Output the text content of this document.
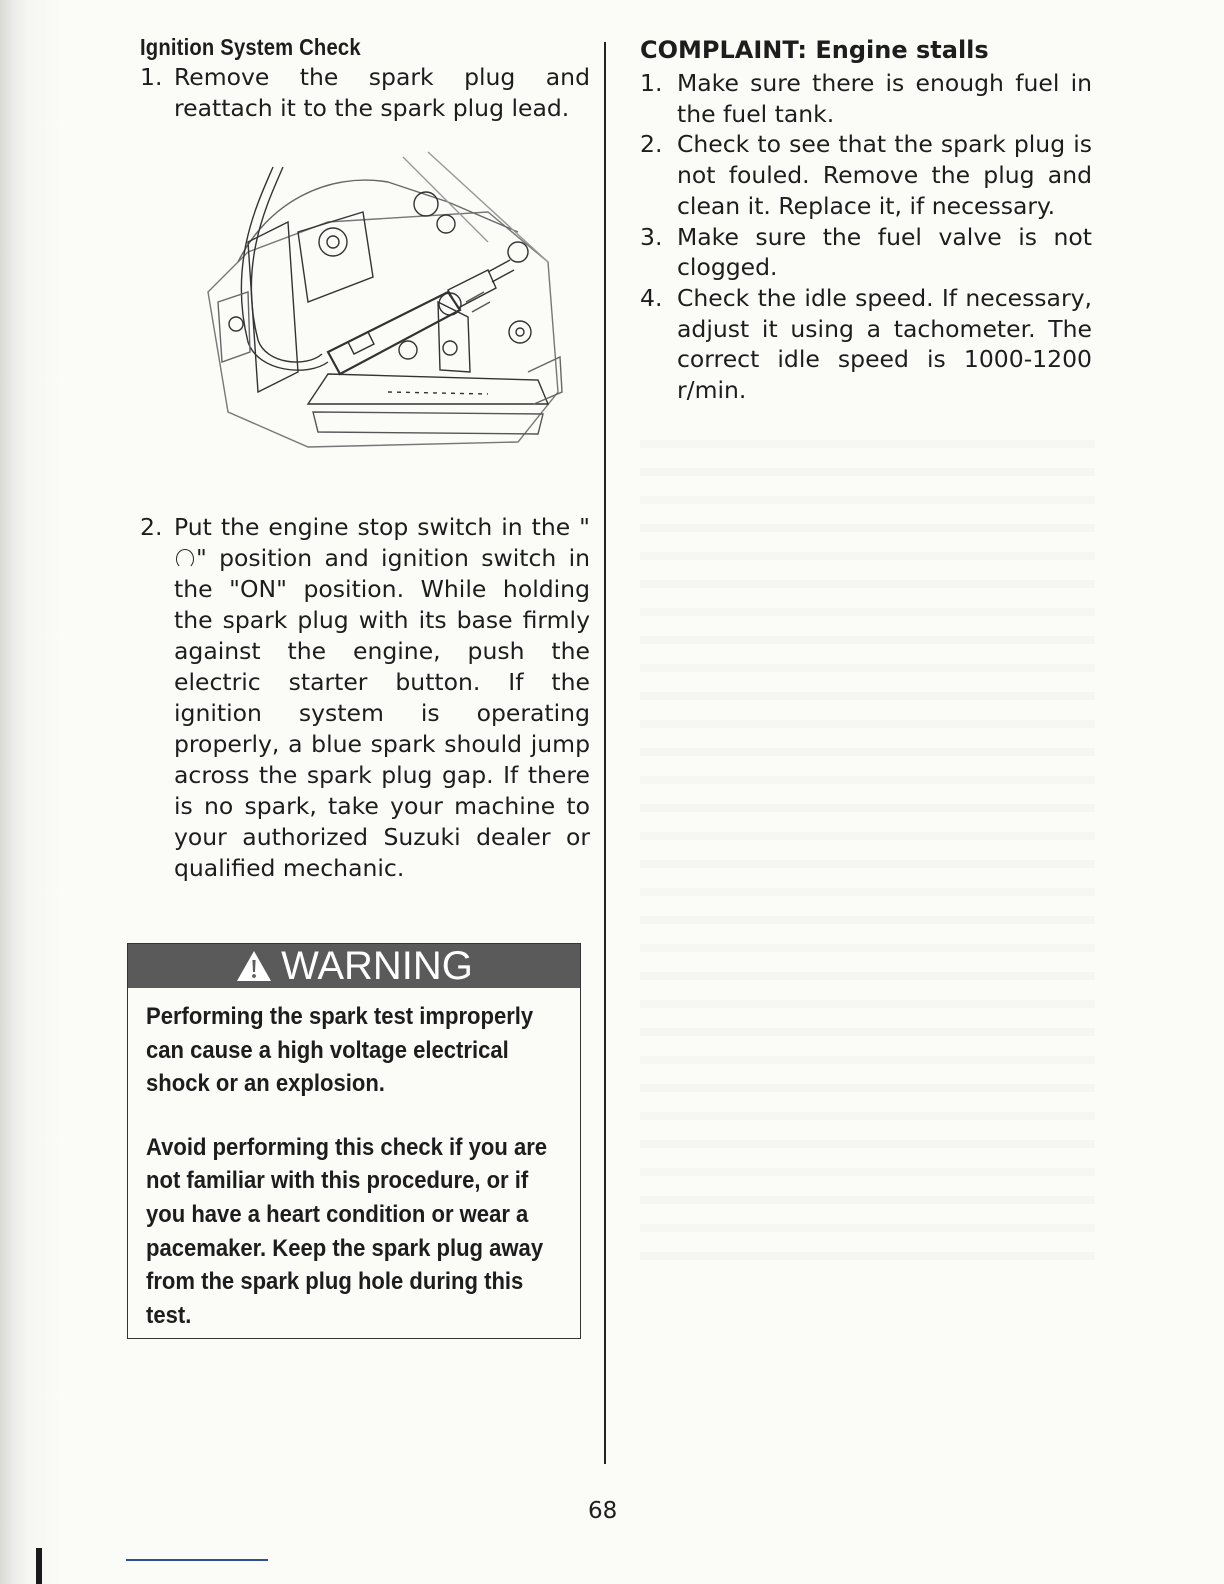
Ignition System Check
1. Remove the spark plug and reattach it to the spark plug lead.
2. Put the engine stop switch in the "" position and ignition switch in the "ON" position. While holding the spark plug with its base firmly against the engine, push the electric starter button. If the ignition system is operating properly, a blue spark should jump across the spark plug gap. If there is no spark, take your machine to your authorized Suzuki dealer or qualified mechanic.
WARNING

Performing the spark test improperly can cause a high voltage electrical shock or an explosion.

Avoid performing this check if you are not familiar with this procedure, or if you have a heart condition or wear a pacemaker. Keep the spark plug away from the spark plug hole during this test.

COMPLAINT: Engine stalls
1. Make sure there is enough fuel in the fuel tank.
2. Check to see that the spark plug is not fouled. Remove the plug and clean it. Replace it, if necessary.
3. Make sure the fuel valve is not clogged.
4. Check the idle speed. If necessary, adjust it using a tachometer. The correct idle speed is 1000-1200 r/min.
68
